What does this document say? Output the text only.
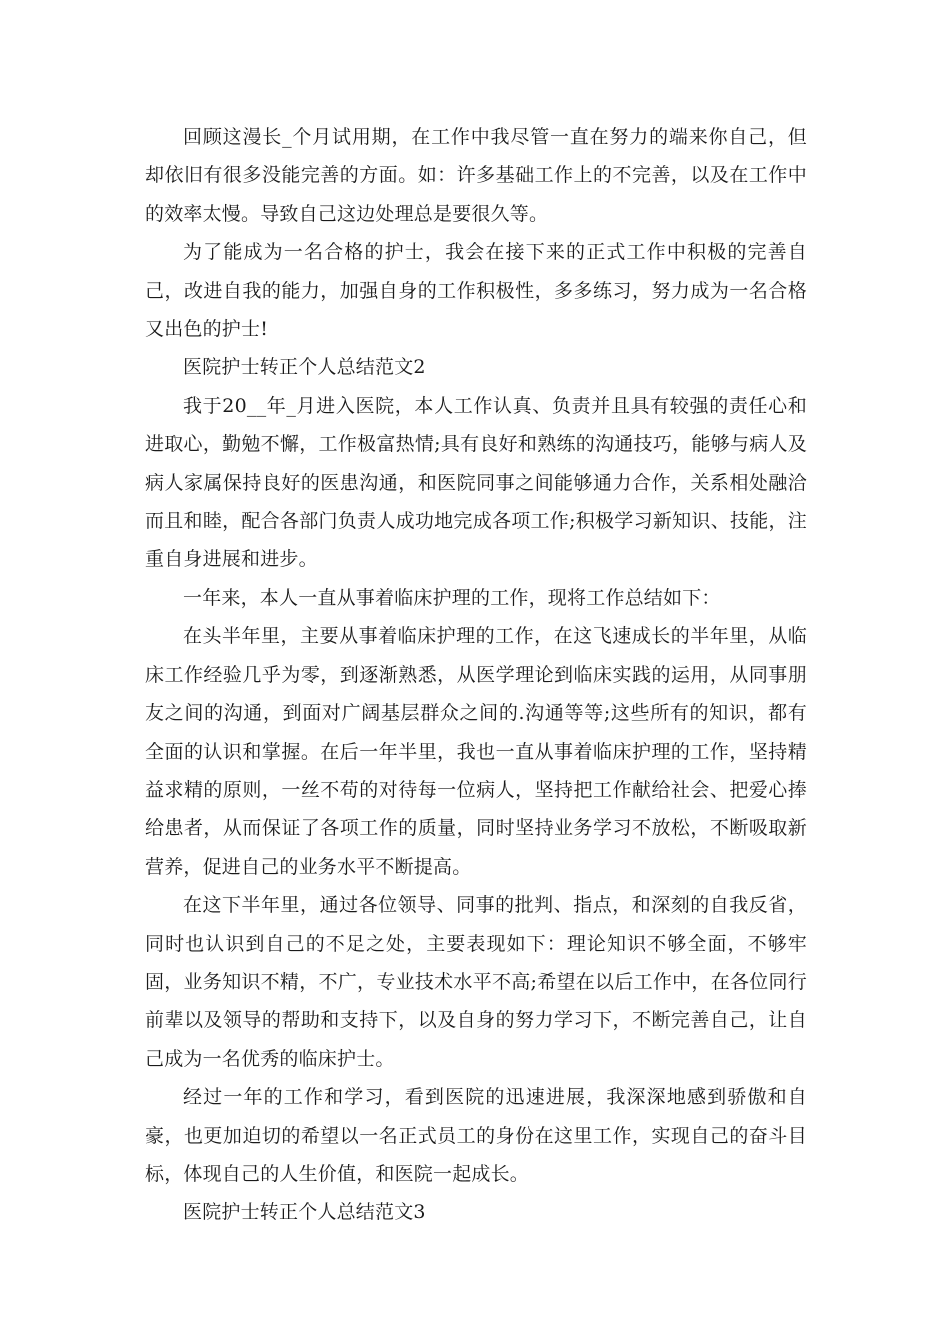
回顾这漫长_个月试用期，在工作中我尽管一直在努力的端来你自己，但却依旧有很多没能完善的方面。如：许多基础工作上的不完善，以及在工作中的效率太慢。导致自己这边处理总是要很久等。

为了能成为一名合格的护士，我会在接下来的正式工作中积极的完善自己，改进自我的能力，加强自身的工作积极性，多多练习，努力成为一名合格又出色的护士!

医院护士转正个人总结范文2

我于20__年_月进入医院，本人工作认真、负责并且具有较强的责任心和进取心，勤勉不懈，工作极富热情;具有良好和熟练的沟通技巧，能够与病人及病人家属保持良好的医患沟通，和医院同事之间能够通力合作，关系相处融洽而且和睦，配合各部门负责人成功地完成各项工作;积极学习新知识、技能，注重自身进展和进步。

一年来，本人一直从事着临床护理的工作，现将工作总结如下：

在头半年里，主要从事着临床护理的工作，在这飞速成长的半年里，从临床工作经验几乎为零，到逐渐熟悉，从医学理论到临床实践的运用，从同事朋友之间的沟通，到面对广阔基层群众之间的.沟通等等;这些所有的知识，都有全面的认识和掌握。在后一年半里，我也一直从事着临床护理的工作，坚持精益求精的原则，一丝不苟的对待每一位病人，坚持把工作献给社会、把爱心捧给患者，从而保证了各项工作的质量，同时坚持业务学习不放松，不断吸取新营养，促进自己的业务水平不断提高。

在这下半年里，通过各位领导、同事的批判、指点，和深刻的自我反省，同时也认识到自己的不足之处，主要表现如下：理论知识不够全面，不够牢固，业务知识不精，不广，专业技术水平不高;希望在以后工作中，在各位同行前辈以及领导的帮助和支持下，以及自身的努力学习下，不断完善自己，让自己成为一名优秀的临床护士。

经过一年的工作和学习，看到医院的迅速进展，我深深地感到骄傲和自豪，也更加迫切的希望以一名正式员工的身份在这里工作，实现自己的奋斗目标，体现自己的人生价值，和医院一起成长。

医院护士转正个人总结范文3
